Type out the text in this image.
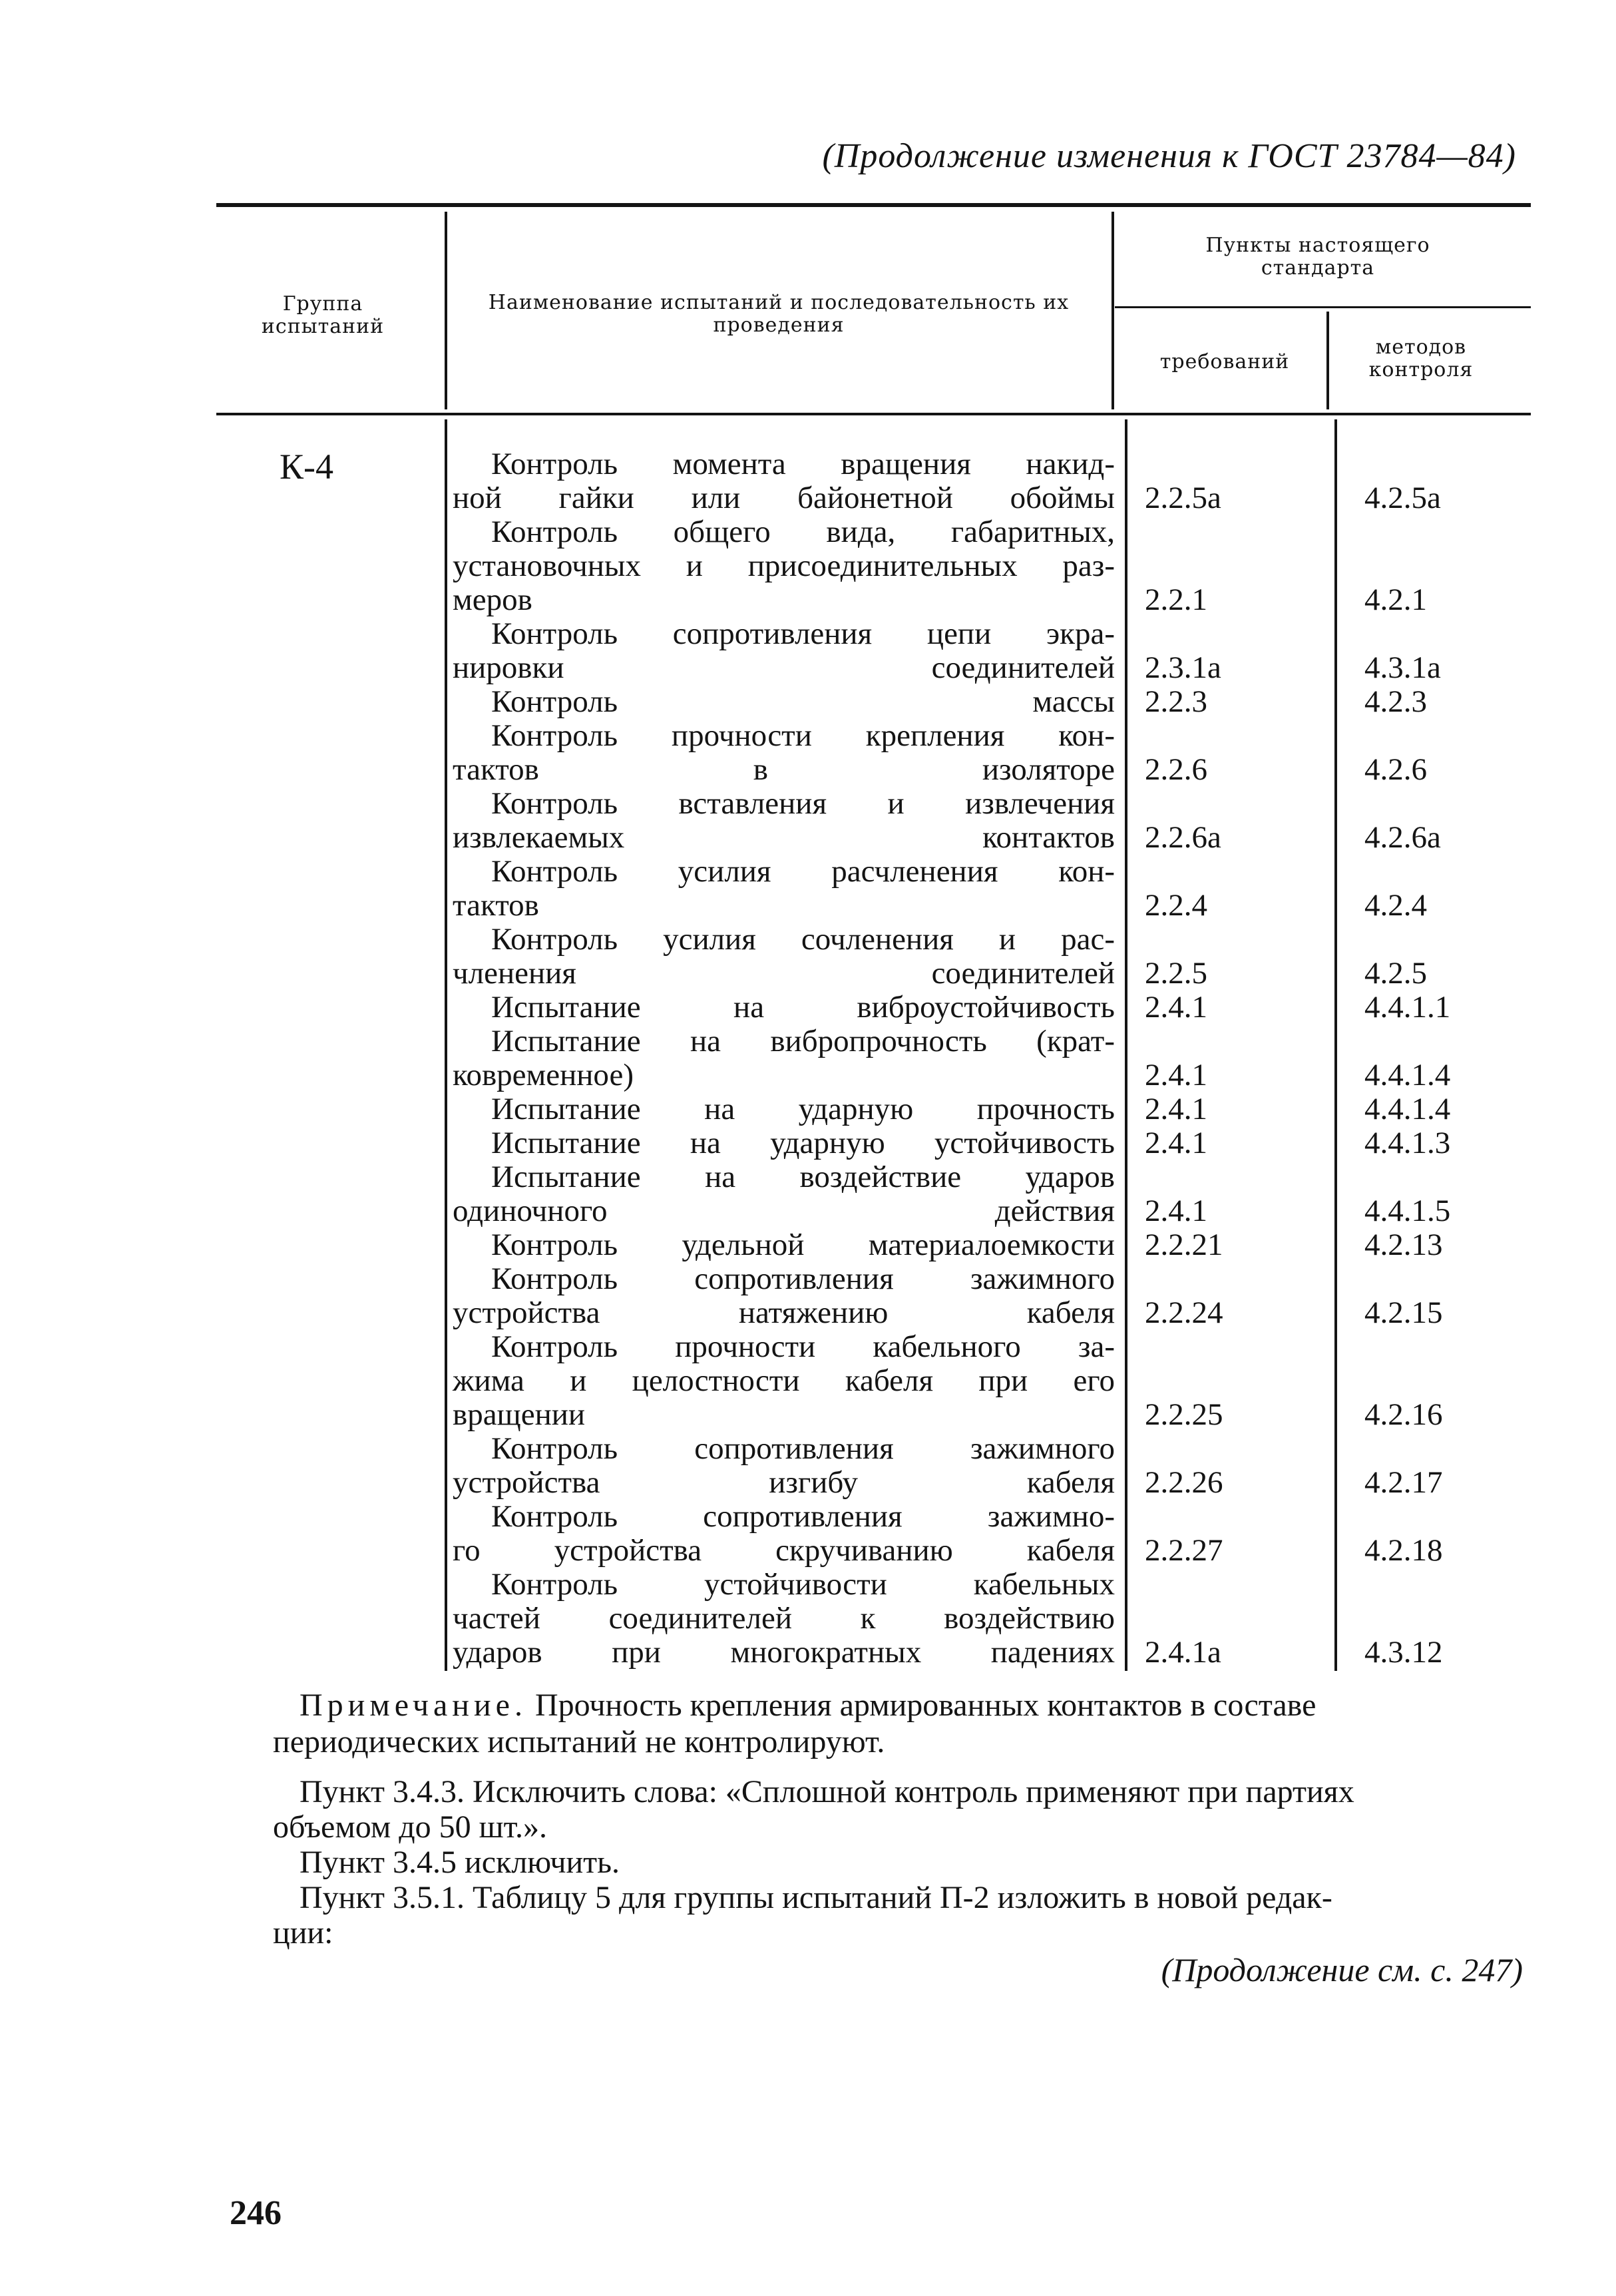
(Продолжение изменения к ГОСТ 23784—84)
Группа испытаний
Наименование испытаний и последовательность их проведения
Пункты настоящего стандарта
требований
методов контроля
К-4	Контроль момента вращения накид-
ной гайки или байонетной обоймы 2.2.5а	4.2.5а
Контроль общего вида, габаритных,
установочных и присоединительных раз-
меров	2.2.1	4.2.1
Контроль сопротивления цепи экра-
нировки соединителей 2.3.1а	4.3.1а
Контроль массы 2.2.3	4.2.3
Контроль прочности крепления кон-
тактов в изоляторе 2.2.6	4.2.6
Контроль вставления и извлечения
извлекаемых контактов 2.2.6а	4.2.6а
Контроль усилия расчленения кон-
тактов	2.2.4	4.2.4
Контроль усилия сочленения и рас-
членения соединителей 2.2.5	4.2.5
Испытание на виброустойчивость 2.4.1	4.4.1.1
Испытание на вибропрочность (крат-
ковременное)	2.4.1	4.4.1.4
Испытание на ударную прочность 2.4.1	4.4.1.4
Испытание на ударную устойчивость 2.4.1	4.4.1.3
Испытание на воздействие ударов
одиночного действия 2.4.1	4.4.1.5
Контроль удельной материалоемкости 2.2.21	4.2.13
Контроль сопротивления зажимного
устройства натяжению кабеля 2.2.24	4.2.15
Контроль прочности кабельного за-
жима и целостности кабеля при его
вращении	2.2.25	4.2.16
Контроль сопротивления зажимного
устройства изгибу кабеля 2.2.26	4.2.17
Контроль сопротивления зажимно-
го устройства скручиванию кабеля 2.2.27	4.2.18
Контроль устойчивости кабельных
частей соединителей к воздействию
ударов при многократных падениях 2.4.1а	4.3.12
Примечание. Прочность крепления армированных контактов в составе
периодических испытаний не контролируют.
Пункт 3.4.3. Исключить слова: «Сплошной контроль применяют при партиях
объемом до 50 шт.».
Пункт 3.4.5 исключить.
Пункт 3.5.1. Таблицу 5 для группы испытаний П-2 изложить в новой редак-
ции:
(Продолжение см. с. 247)
246
